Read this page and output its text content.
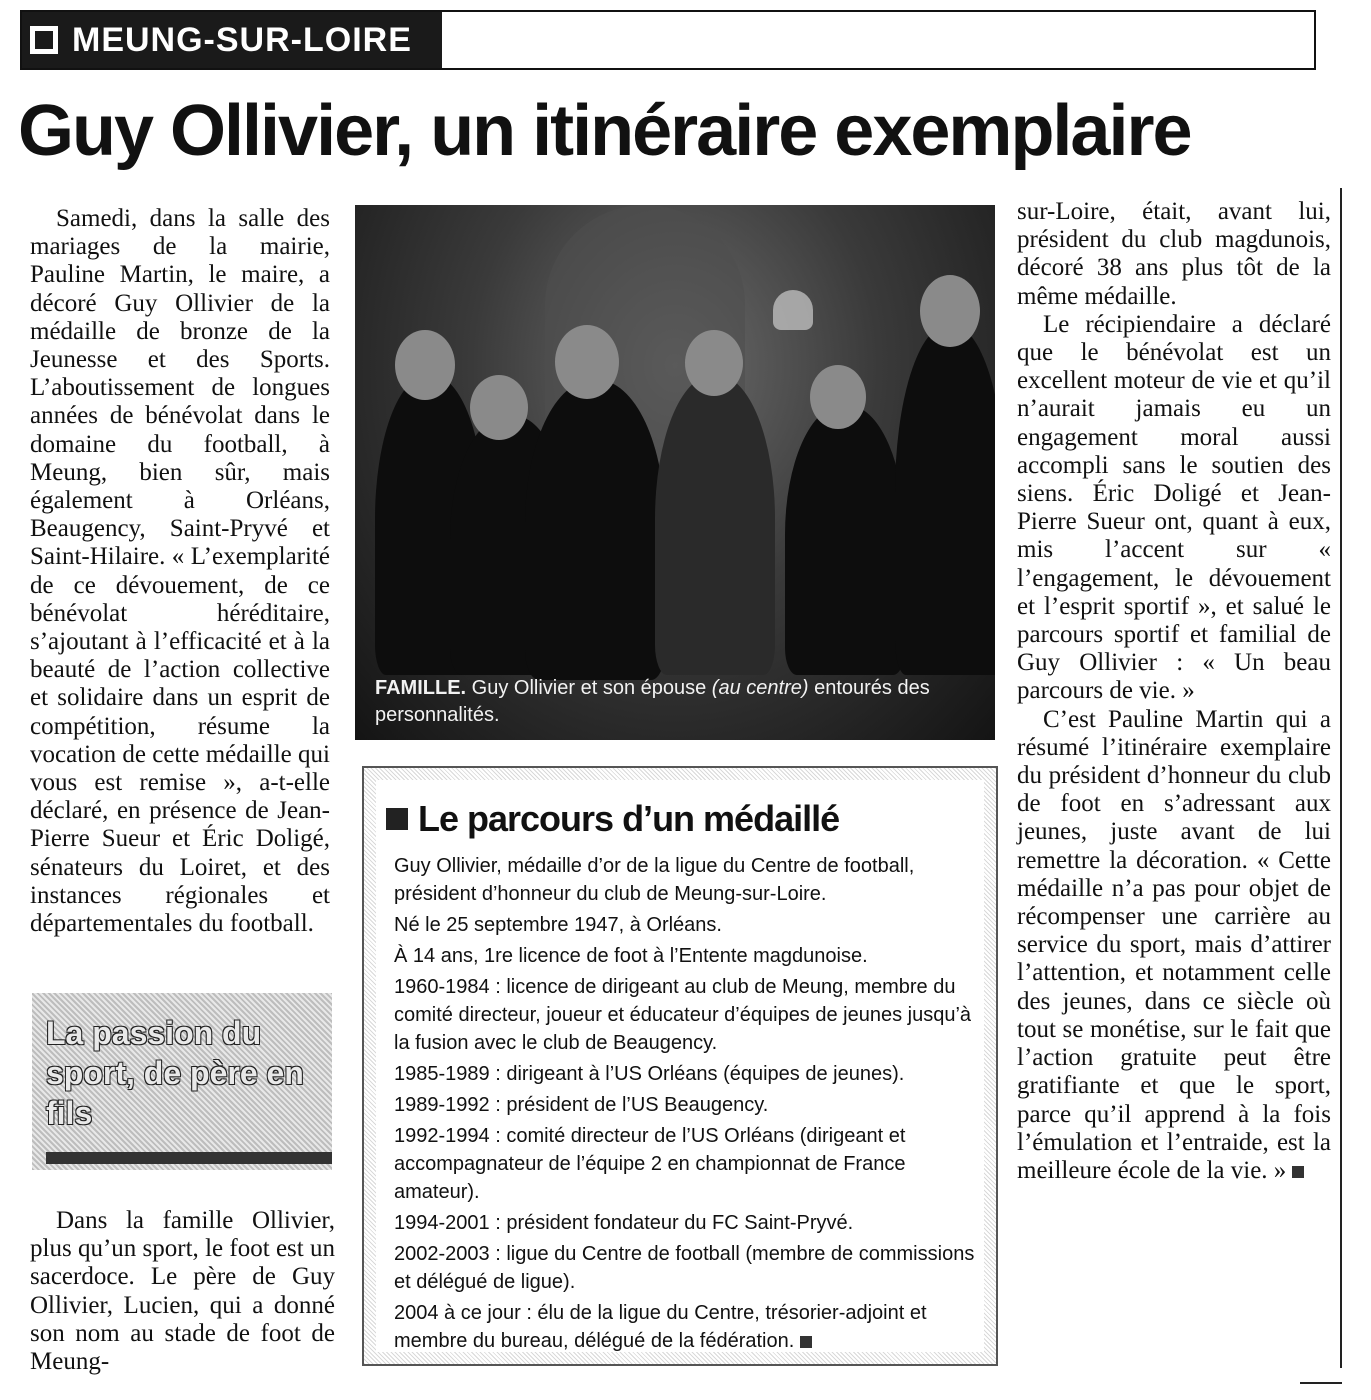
MEUNG-SUR-LOIRE
Guy Ollivier, un itinéraire exemplaire

Samedi, dans la salle des mariages de la mairie, Pauline Martin, le maire, a décoré Guy Ollivier de la médaille de bronze de la Jeunesse et des Sports. L’aboutissement de longues années de bénévolat dans le domaine du football, à Meung, bien sûr, mais également à Orléans, Beaugency, Saint-Pryvé et Saint-Hilaire. « L’exemplarité de ce dévouement, de ce bénévolat héréditaire, s’ajoutant à l’efficacité et à la beauté de l’action collective et solidaire dans un esprit de compétition, résume la vocation de cette médaille qui vous est remise », a-t-elle déclaré, en présence de Jean-Pierre Sueur et Éric Doligé, sénateurs du Loiret, et des instances régionales et départementales du football.

La passion du sport, de père en fils

Dans la famille Ollivier, plus qu’un sport, le foot est un sacerdoce. Le père de Guy Ollivier, Lucien, qui a donné son nom au stade de foot de Meung-

FAMILLE. Guy Ollivier et son épouse (au centre) entourés des personnalités.
Le parcours d’un médaillé

Guy Ollivier, médaille d’or de la ligue du Centre de football, président d’honneur du club de Meung-sur-Loire.

Né le 25 septembre 1947, à Orléans.

À 14 ans, 1re licence de foot à l’Entente magdunoise.

1960-1984 : licence de dirigeant au club de Meung, membre du comité directeur, joueur et éducateur d’équipes de jeunes jusqu’à la fusion avec le club de Beaugency.

1985-1989 : dirigeant à l’US Orléans (équipes de jeunes).

1989-1992 : président de l’US Beaugency.

1992-1994 : comité directeur de l’US Orléans (dirigeant et accompagnateur de l’équipe 2 en championnat de France amateur).

1994-2001 : président fondateur du FC Saint-Pryvé.

2002-2003 : ligue du Centre de football (membre de commissions et délégué de ligue).

2004 à ce jour : élu de la ligue du Centre, trésorier-adjoint et membre du bureau, délégué de la fédération.

sur-Loire, était, avant lui, président du club magdunois, décoré 38 ans plus tôt de la même médaille.

Le récipiendaire a déclaré que le bénévolat est un excellent moteur de vie et qu’il n’aurait jamais eu un engagement moral aussi accompli sans le soutien des siens. Éric Doligé et Jean-Pierre Sueur ont, quant à eux, mis l’accent sur « l’engagement, le dévouement et l’esprit sportif », et salué le parcours sportif et familial de Guy Ollivier : « Un beau parcours de vie. »

C’est Pauline Martin qui a résumé l’itinéraire exemplaire du président d’honneur du club de foot en s’adressant aux jeunes, juste avant de lui remettre la décoration. « Cette médaille n’a pas pour objet de récompenser une carrière au service du sport, mais d’attirer l’attention, et notamment celle des jeunes, dans ce siècle où tout se monétise, sur le fait que l’action gratuite peut être gratifiante et que le sport, parce qu’il apprend à la fois l’émulation et l’entraide, est la meilleure école de la vie. »
